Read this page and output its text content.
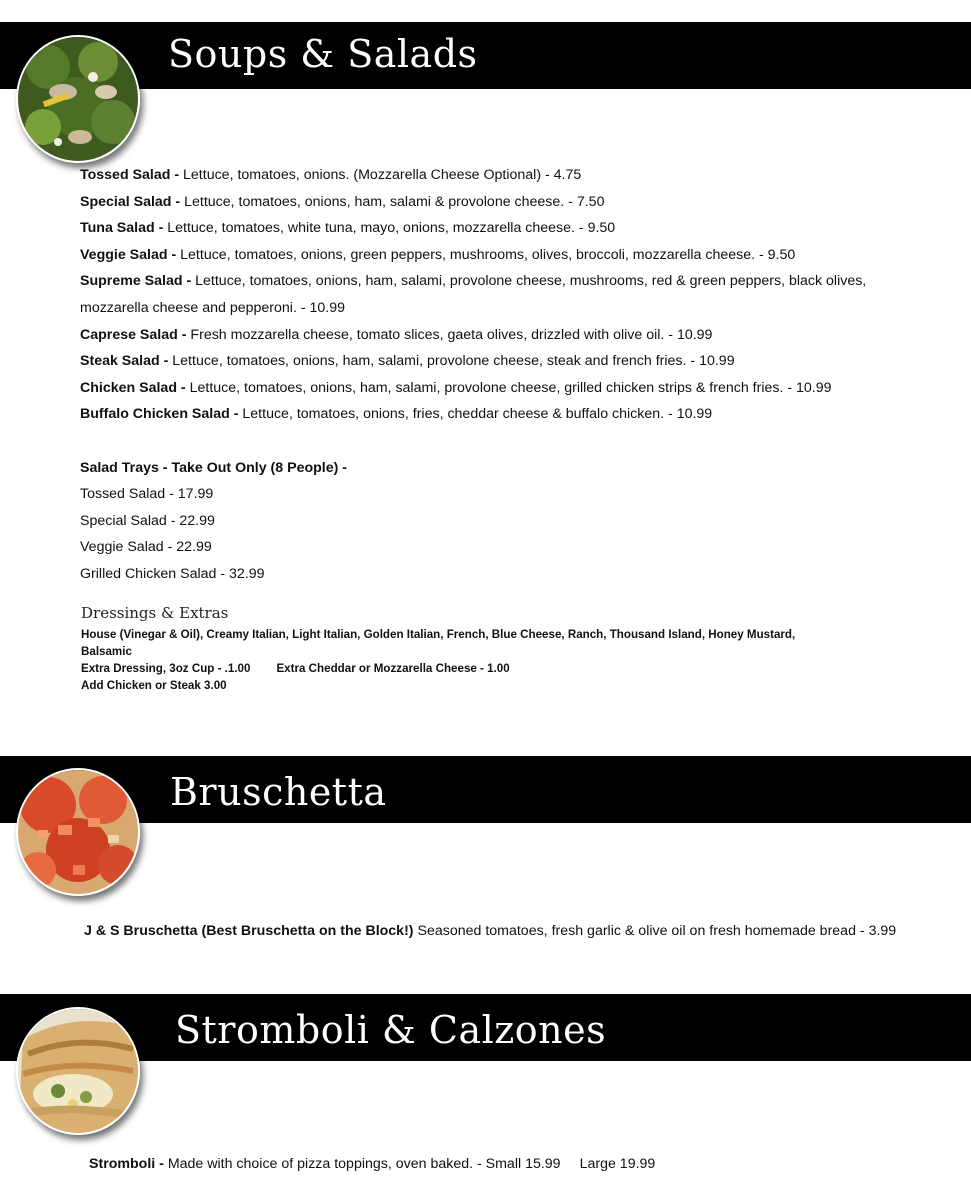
Soups & Salads
Tossed Salad - Lettuce, tomatoes, onions. (Mozzarella Cheese Optional) - 4.75
Special Salad - Lettuce, tomatoes, onions, ham, salami & provolone cheese. - 7.50
Tuna Salad - Lettuce, tomatoes, white tuna, mayo, onions, mozzarella cheese. - 9.50
Veggie Salad - Lettuce, tomatoes, onions, green peppers, mushrooms, olives, broccoli, mozzarella cheese. - 9.50
Supreme Salad - Lettuce, tomatoes, onions, ham, salami, provolone cheese, mushrooms, red & green peppers, black olives, mozzarella cheese and pepperoni. - 10.99
Caprese Salad - Fresh mozzarella cheese, tomato slices, gaeta olives, drizzled with olive oil. - 10.99
Steak Salad - Lettuce, tomatoes, onions, ham, salami, provolone cheese, steak and french fries. - 10.99
Chicken Salad - Lettuce, tomatoes, onions, ham, salami, provolone cheese, grilled chicken strips & french fries. - 10.99
Buffalo Chicken Salad - Lettuce, tomatoes, onions, fries, cheddar cheese & buffalo chicken. - 10.99
Salad Trays - Take Out Only (8 People) -
Tossed Salad - 17.99
Special Salad - 22.99
Veggie Salad - 22.99
Grilled Chicken Salad - 32.99
Dressings & Extras
House (Vinegar & Oil), Creamy Italian, Light Italian, Golden Italian, French, Blue Cheese, Ranch, Thousand Island, Honey Mustard, Balsamic
Extra Dressing, 3oz Cup - .1.00 Extra Cheddar or Mozzarella Cheese - 1.00
Add Chicken or Steak 3.00
Bruschetta
J & S Bruschetta (Best Bruschetta on the Block!) Seasoned tomatoes, fresh garlic & olive oil on fresh homemade bread - 3.99
Stromboli & Calzones
Stromboli - Made with choice of pizza toppings, oven baked. - Small 15.99 Large 19.99
